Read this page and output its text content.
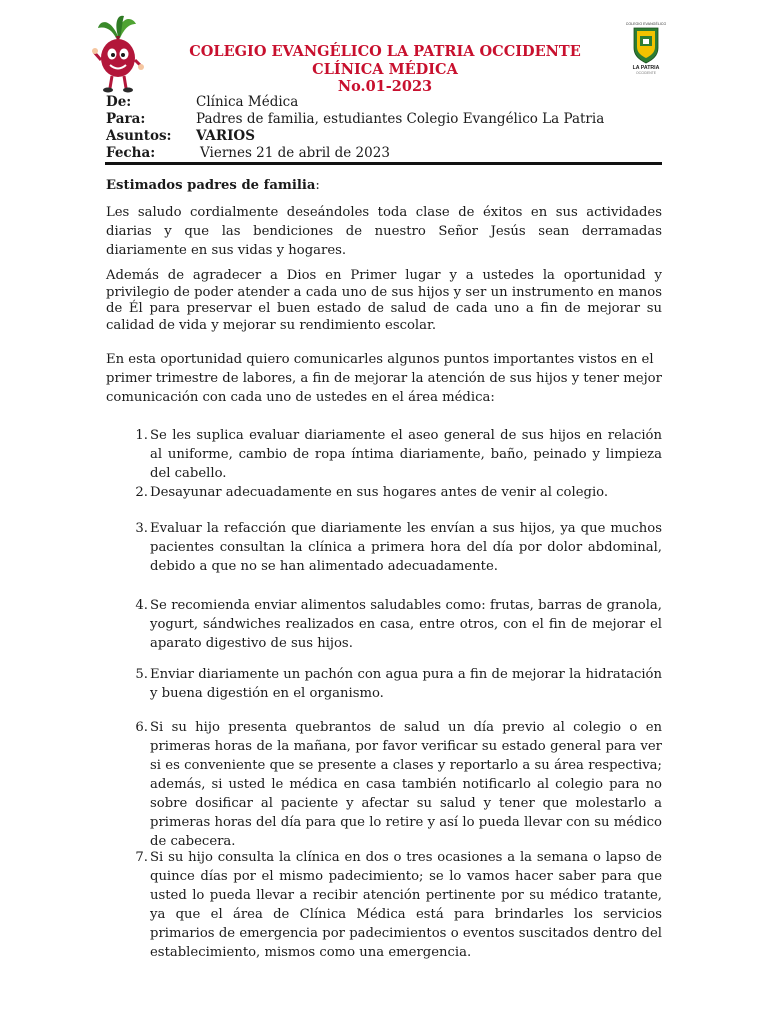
COLEGIO EVANGÉLICO LA PATRIA OCCIDENTE
CLÍNICA MÉDICA
No.01-2023
COLEGIO EVANGÉLICO
LA PATRIA
OCCIDENTE
De:	Clínica Médica
Para:	Padres de familia, estudiantes Colegio Evangélico La Patria
Asuntos: VARIOS
Fecha:	Viernes 21 de abril de 2023
Estimados padres de familia:

Les saludo cordialmente deseándoles toda clase de éxitos en sus actividades diarias y que las bendiciones de nuestro Señor Jesús sean derramadas diariamente en sus vidas y hogares.

Además de agradecer a Dios en Primer lugar y a ustedes la oportunidad y privilegio de poder atender a cada uno de sus hijos y ser un instrumento en manos de Él para preservar el buen estado de salud de cada uno a fin de mejorar su calidad de vida y mejorar su rendimiento escolar.

En esta oportunidad quiero comunicarles algunos puntos importantes vistos en el primer trimestre de labores, a fin de mejorar la atención de sus hijos y tener mejor comunicación con cada uno de ustedes en el área médica:

1. Se les suplica evaluar diariamente el aseo general de sus hijos en relación al uniforme, cambio de ropa íntima diariamente, baño, peinado y limpieza del cabello.
2. Desayunar adecuadamente en sus hogares antes de venir al colegio.
3. Evaluar la refacción que diariamente les envían a sus hijos, ya que muchos pacientes consultan la clínica a primera hora del día por dolor abdominal, debido a que no se han alimentado adecuadamente.
4. Se recomienda enviar alimentos saludables como: frutas, barras de granola, yogurt, sándwiches realizados en casa, entre otros, con el fin de mejorar el aparato digestivo de sus hijos.
5. Enviar diariamente un pachón con agua pura a fin de mejorar la hidratación y buena digestión en el organismo.
6. Si su hijo presenta quebrantos de salud un día previo al colegio o en primeras horas de la mañana, por favor verificar su estado general para ver si es conveniente que se presente a clases y reportarlo a su área respectiva; además, si usted le médica en casa también notificarlo al colegio para no sobre dosificar al paciente y afectar su salud y tener que molestarlo a primeras horas del día para que lo retire y así lo pueda llevar con su médico de cabecera.
7. Si su hijo consulta la clínica en dos o tres ocasiones a la semana o lapso de quince días por el mismo padecimiento; se lo vamos hacer saber para que usted lo pueda llevar a recibir atención pertinente por su médico tratante, ya que el área de Clínica Médica está para brindarles los servicios primarios de emergencia por padecimientos o eventos suscitados dentro del establecimiento, mismos como una emergencia.
